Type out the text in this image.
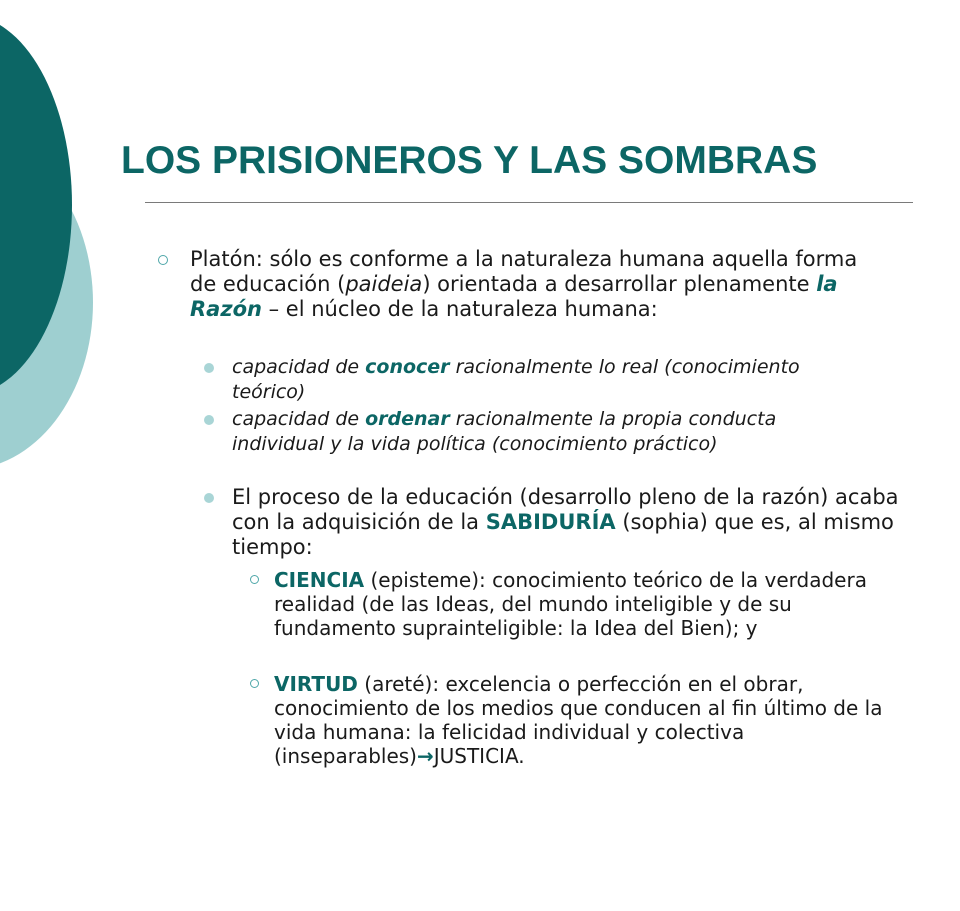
LOS PRISIONEROS Y LAS SOMBRAS

Platón: sólo es conforme a la naturaleza humana aquella forma de educación (paideia) orientada a desarrollar plenamente la Razón – el núcleo de la naturaleza humana:

capacidad de conocer racionalmente lo real (conocimiento teórico)

capacidad de ordenar racionalmente la propia conducta individual y la vida política (conocimiento práctico)

El proceso de la educación (desarrollo pleno de la razón) acaba con la adquisición de la SABIDURÍA (sophia) que es, al mismo tiempo:

CIENCIA (episteme): conocimiento teórico de la verdadera realidad (de las Ideas, del mundo inteligible y de su fundamento suprainteligible: la Idea del Bien); y

VIRTUD (areté): excelencia o perfección en el obrar, conocimiento de los medios que conducen al fin último de la vida humana: la felicidad individual y colectiva (inseparables)→JUSTICIA.
